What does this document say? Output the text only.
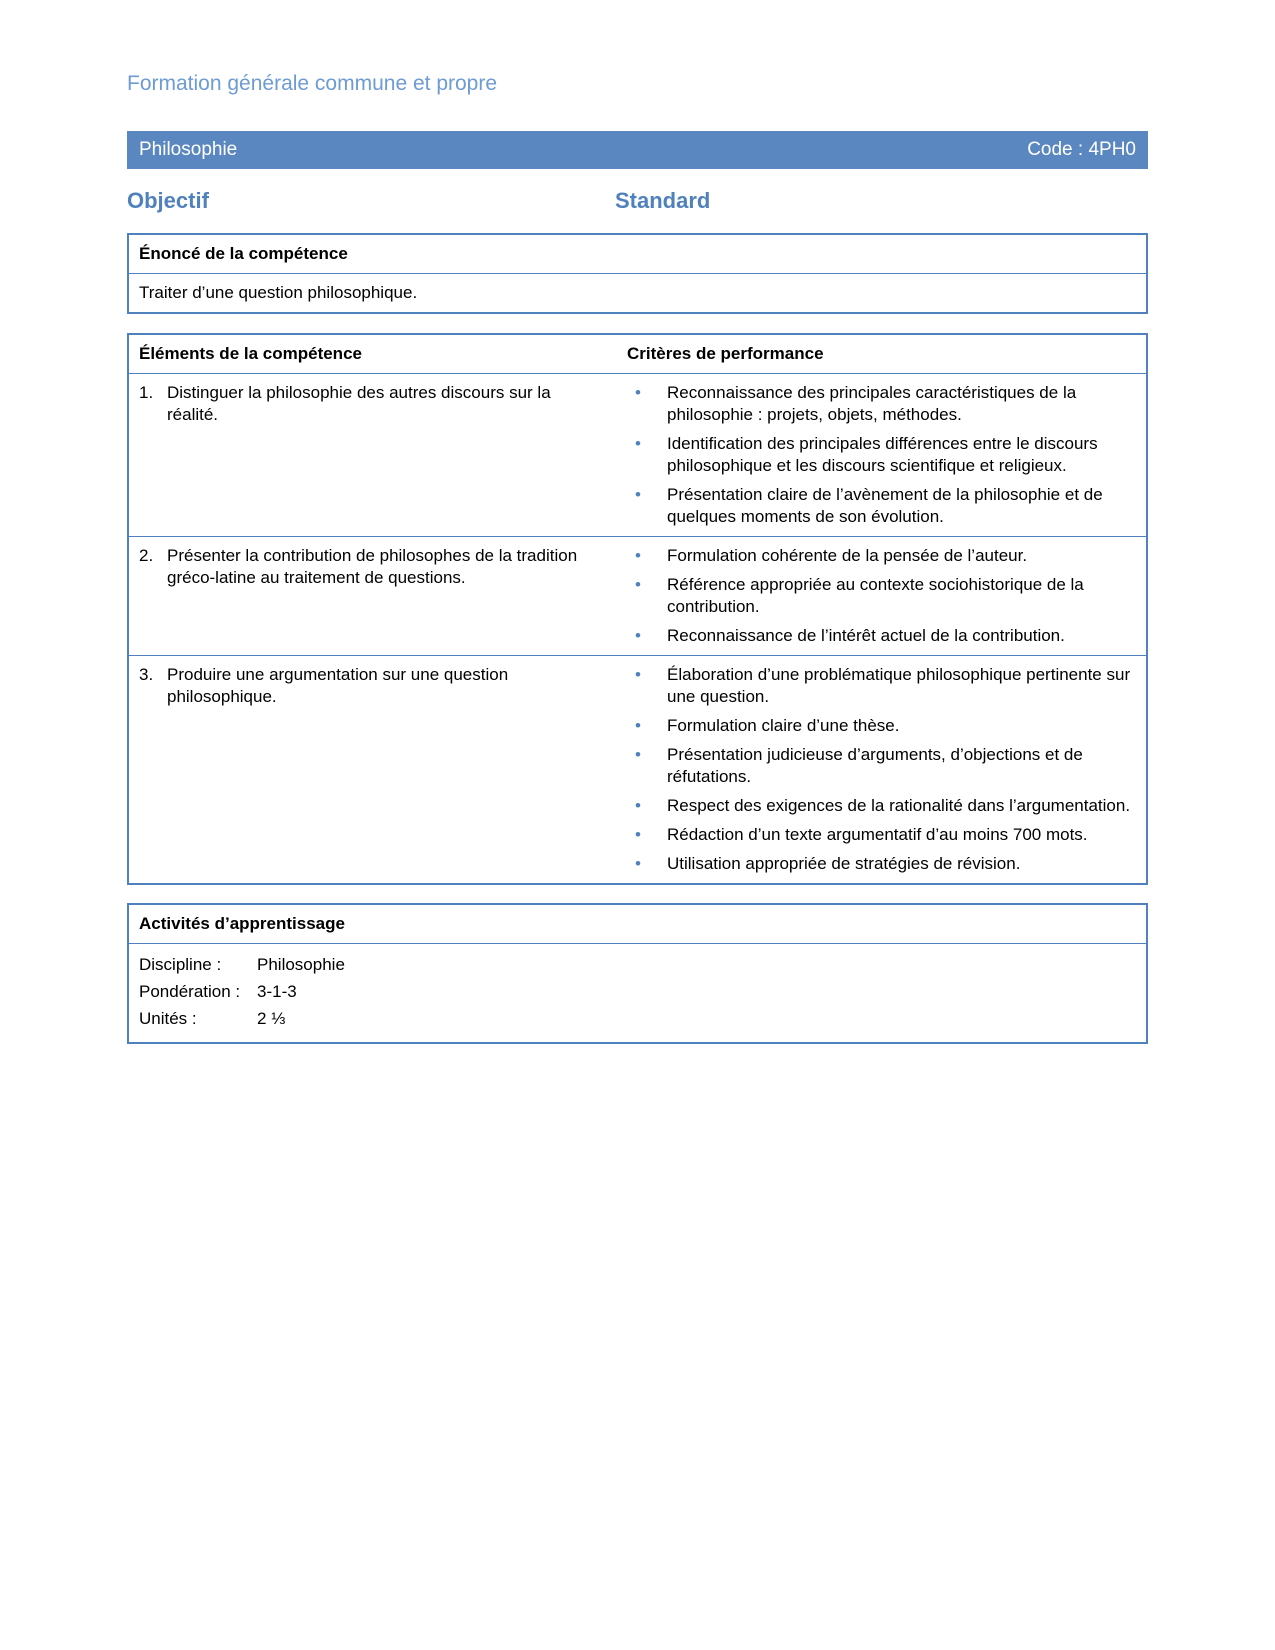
Formation générale commune et propre
Philosophie	Code : 4PH0
Objectif	Standard
Énoncé de la compétence
Traiter d’une question philosophique.
Éléments de la compétence	Critères de performance
1. Distinguer la philosophie des autres discours sur la réalité.
• Reconnaissance des principales caractéristiques de la philosophie : projets, objets, méthodes.
• Identification des principales différences entre le discours philosophique et les discours scientifique et religieux.
• Présentation claire de l’avènement de la philosophie et de quelques moments de son évolution.
2. Présenter la contribution de philosophes de la tradition gréco-latine au traitement de questions.
• Formulation cohérente de la pensée de l’auteur.
• Référence appropriée au contexte sociohistorique de la contribution.
• Reconnaissance de l’intérêt actuel de la contribution.
3. Produire une argumentation sur une question philosophique.
• Élaboration d’une problématique philosophique pertinente sur une question.
• Formulation claire d’une thèse.
• Présentation judicieuse d’arguments, d’objections et de réfutations.
• Respect des exigences de la rationalité dans l’argumentation.
• Rédaction d’un texte argumentatif d’au moins 700 mots.
• Utilisation appropriée de stratégies de révision.
Activités d’apprentissage
Discipline :	Philosophie
Pondération : 3-1-3
Unités :	2 ⅓
